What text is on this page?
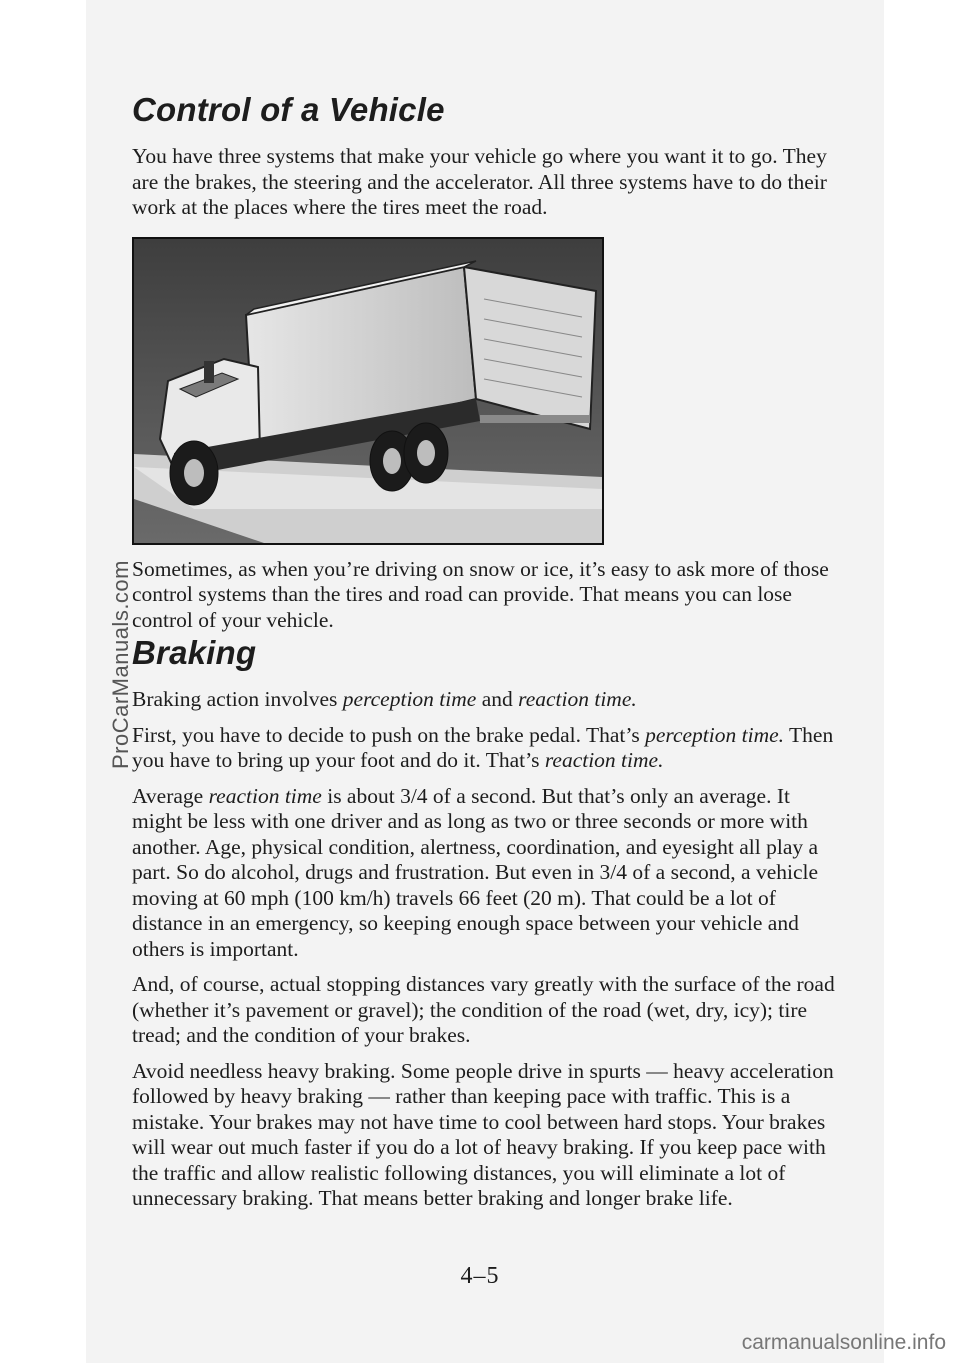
Control of a Vehicle

You have three systems that make your vehicle go where you want it to go. They are the brakes, the steering and the accelerator. All three systems have to do their work at the places where the tires meet the road.

Sometimes, as when you’re driving on snow or ice, it’s easy to ask more of those control systems than the tires and road can provide. That means you can lose control of your vehicle.

Braking

Braking action involves perception time and reaction time.

First, you have to decide to push on the brake pedal. That’s perception time. Then you have to bring up your foot and do it. That’s reaction time.

Average reaction time is about 3/4 of a second. But that’s only an average. It might be less with one driver and as long as two or three seconds or more with another. Age, physical condition, alertness, coordination, and eyesight all play a part. So do alcohol, drugs and frustration. But even in 3/4 of a second, a vehicle moving at 60 mph (100 km/h) travels 66 feet (20 m). That could be a lot of distance in an emergency, so keeping enough space between your vehicle and others is important.

And, of course, actual stopping distances vary greatly with the surface of the road (whether it’s pavement or gravel); the condition of the road (wet, dry, icy); tire tread; and the condition of your brakes.

Avoid needless heavy braking. Some people drive in spurts — heavy acceleration followed by heavy braking — rather than keeping pace with traffic. This is a mistake. Your brakes may not have time to cool between hard stops. Your brakes will wear out much faster if you do a lot of heavy braking. If you keep pace with the traffic and allow realistic following distances, you will eliminate a lot of unnecessary braking. That means better braking and longer brake life.

4–5
ProCarManuals.com
carmanualsonline.info
